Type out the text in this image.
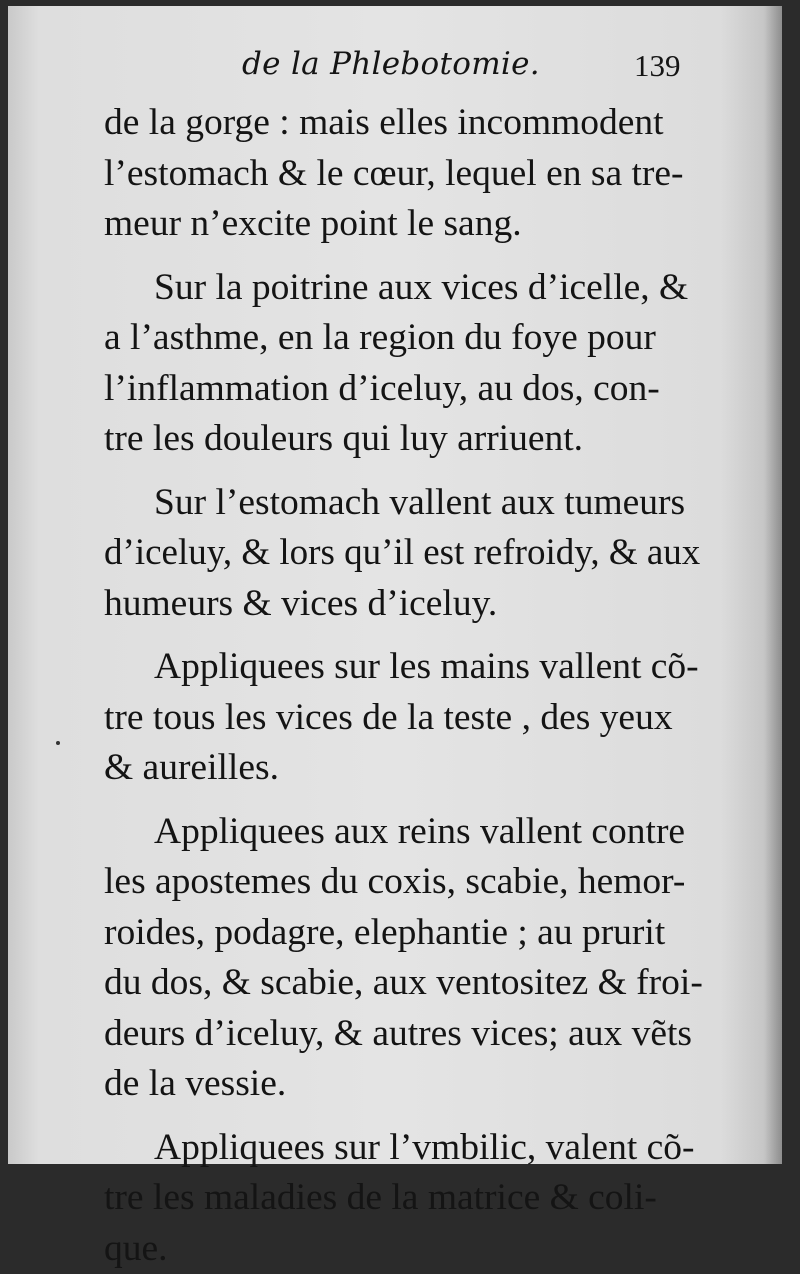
de la Phlebotomie.	139
de la gorge : mais elles incommodent
l’estomach & le cœur, lequel en sa tre-
meur n’excite point le sang.
Sur la poitrine aux vices d’icelle, &
a l’asthme, en la region du foye pour
l’inflammation d’iceluy, au dos, con-
tre les douleurs qui luy arriuent.
Sur l’estomach vallent aux tumeurs
d’iceluy, & lors qu’il est refroidy, & aux
humeurs & vices d’iceluy.
Appliquees sur les mains vallent cõ-
tre tous les vices de la teste , des yeux
& aureilles.
Appliquees aux reins vallent contre
les apostemes du coxis, scabie, hemor-
roides, podagre, elephantie ; au prurit
du dos, & scabie, aux ventositez & froi-
deurs d’iceluy, & autres vices; aux vẽts
de la vessie.
Appliquees sur l’vmbilic, valent cõ-
tre les maladies de la matrice & coli-
que.
